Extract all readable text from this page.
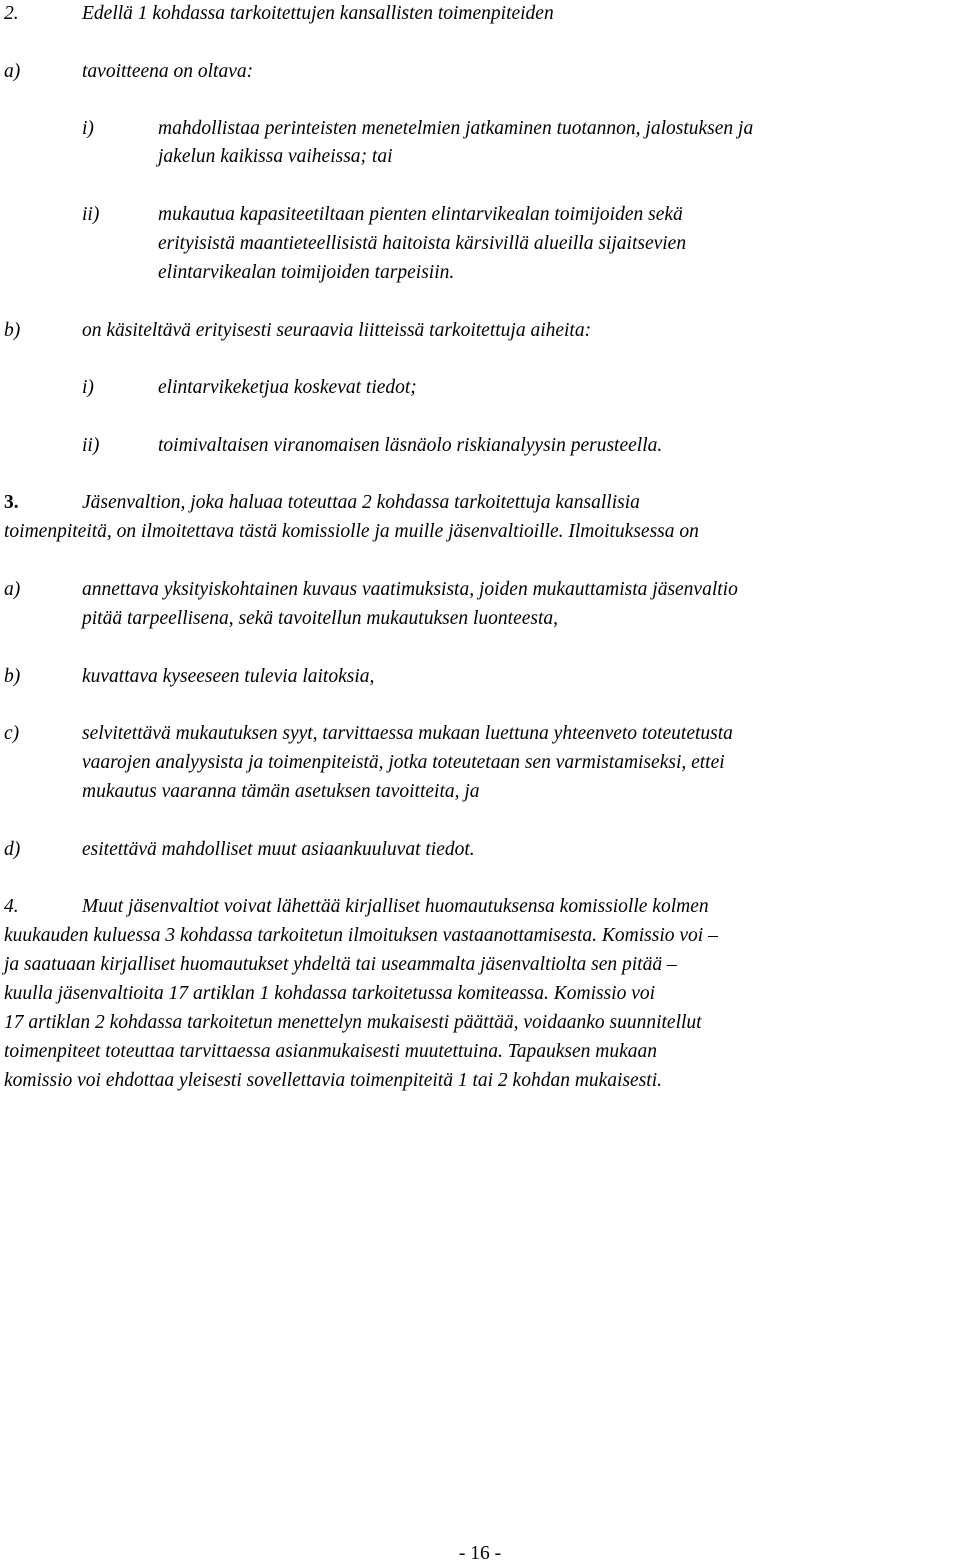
2.	Edellä 1 kohdassa tarkoitettujen kansallisten toimenpiteiden
a)	tavoitteena on oltava:
i)	mahdollistaa perinteisten menetelmien jatkaminen tuotannon, jalostuksen ja
jakelun kaikissa vaiheissa; tai
ii)	mukautua kapasiteetiltaan pienten elintarvikealan toimijoiden sekä
erityisistä maantieteellisistä haitoista kärsivillä alueilla sijaitsevien
elintarvikealan toimijoiden tarpeisiin.
b)	on käsiteltävä erityisesti seuraavia liitteissä tarkoitettuja aiheita:
i)	elintarvikeketjua koskevat tiedot;
ii)	toimivaltaisen viranomaisen läsnäolo riskianalyysin perusteella.
3.	Jäsenvaltion, joka haluaa toteuttaa 2 kohdassa tarkoitettuja kansallisia
toimenpiteitä, on ilmoitettava tästä komissiolle ja muille jäsenvaltioille. Ilmoituksessa on
a)	annettava yksityiskohtainen kuvaus vaatimuksista, joiden mukauttamista jäsenvaltio
pitää tarpeellisena, sekä tavoitellun mukautuksen luonteesta,
b)	kuvattava kyseeseen tulevia laitoksia,
c)	selvitettävä mukautuksen syyt, tarvittaessa mukaan luettuna yhteenveto toteutetusta
vaarojen analyysista ja toimenpiteistä, jotka toteutetaan sen varmistamiseksi, ettei
mukautus vaaranna tämän asetuksen tavoitteita, ja
d)	esitettävä mahdolliset muut asiaankuuluvat tiedot.
4.	Muut jäsenvaltiot voivat lähettää kirjalliset huomautuksensa komissiolle kolmen
kuukauden kuluessa 3 kohdassa tarkoitetun ilmoituksen vastaanottamisesta. Komissio voi –
ja saatuaan kirjalliset huomautukset yhdeltä tai useammalta jäsenvaltiolta sen pitää –
kuulla jäsenvaltioita 17 artiklan 1 kohdassa tarkoitetussa komiteassa. Komissio voi
17 artiklan 2 kohdassa tarkoitetun menettelyn mukaisesti päättää, voidaanko suunnitellut
toimenpiteet toteuttaa tarvittaessa asianmukaisesti muutettuina. Tapauksen mukaan
komissio voi ehdottaa yleisesti sovellettavia toimenpiteitä 1 tai 2 kohdan mukaisesti.
- 16 -
